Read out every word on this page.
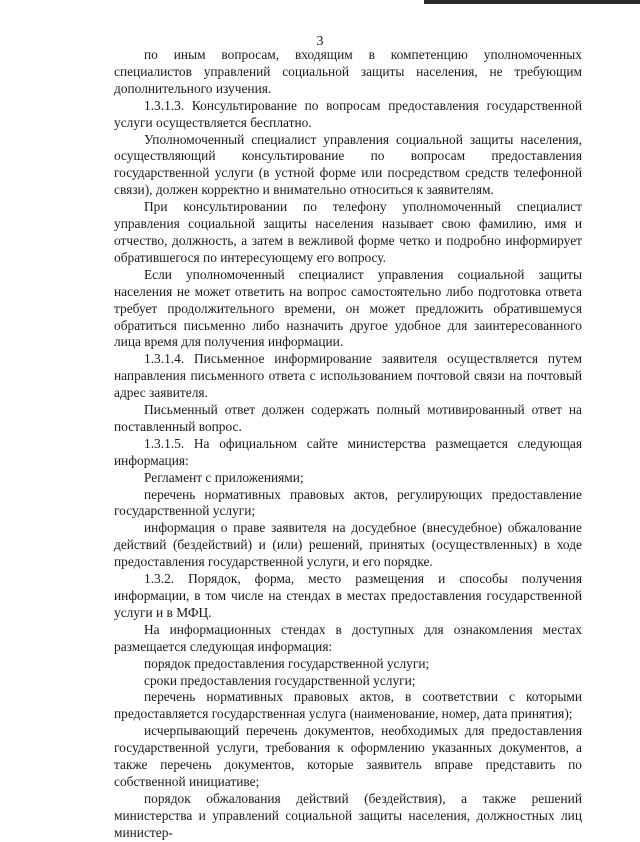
3

по иным вопросам, входящим в компетенцию уполномоченных специалистов управлений социальной защиты населения, не требующим дополнительного изучения.

1.3.1.3. Консультирование по вопросам предоставления государственной услуги осуществляется бесплатно.

Уполномоченный специалист управления социальной защиты населения, осуществляющий консультирование по вопросам предоставления государственной услуги (в устной форме или посредством средств телефонной связи), должен корректно и внимательно относиться к заявителям.

При консультировании по телефону уполномоченный специалист управления социальной защиты населения называет свою фамилию, имя и отчество, должность, а затем в вежливой форме четко и подробно информирует обратившегося по интересующему его вопросу.

Если уполномоченный специалист управления социальной защиты населения не может ответить на вопрос самостоятельно либо подготовка ответа требует продолжительного времени, он может предложить обратившемуся обратиться письменно либо назначить другое удобное для заинтересованного лица время для получения информации.

1.3.1.4. Письменное информирование заявителя осуществляется путем направления письменного ответа с использованием почтовой связи на почтовый адрес заявителя.

Письменный ответ должен содержать полный мотивированный ответ на поставленный вопрос.

1.3.1.5. На официальном сайте министерства размещается следующая информация:

Регламент с приложениями;

перечень нормативных правовых актов, регулирующих предоставление государственной услуги;

информация о праве заявителя на досудебное (внесудебное) обжалование действий (бездействий) и (или) решений, принятых (осуществленных) в ходе предоставления государственной услуги, и его порядке.

1.3.2. Порядок, форма, место размещения и способы получения информации, в том числе на стендах в местах предоставления государственной услуги и в МФЦ.

На информационных стендах в доступных для ознакомления местах размещается следующая информация:

порядок предоставления государственной услуги;

сроки предоставления государственной услуги;

перечень нормативных правовых актов, в соответствии с которыми предоставляется государственная услуга (наименование, номер, дата принятия);

исчерпывающий перечень документов, необходимых для предоставления государственной услуги, требования к оформлению указанных документов, а также перечень документов, которые заявитель вправе представить по собственной инициативе;

порядок обжалования действий (бездействия), а также решений министерства и управлений социальной защиты населения, должностных лиц министер-
